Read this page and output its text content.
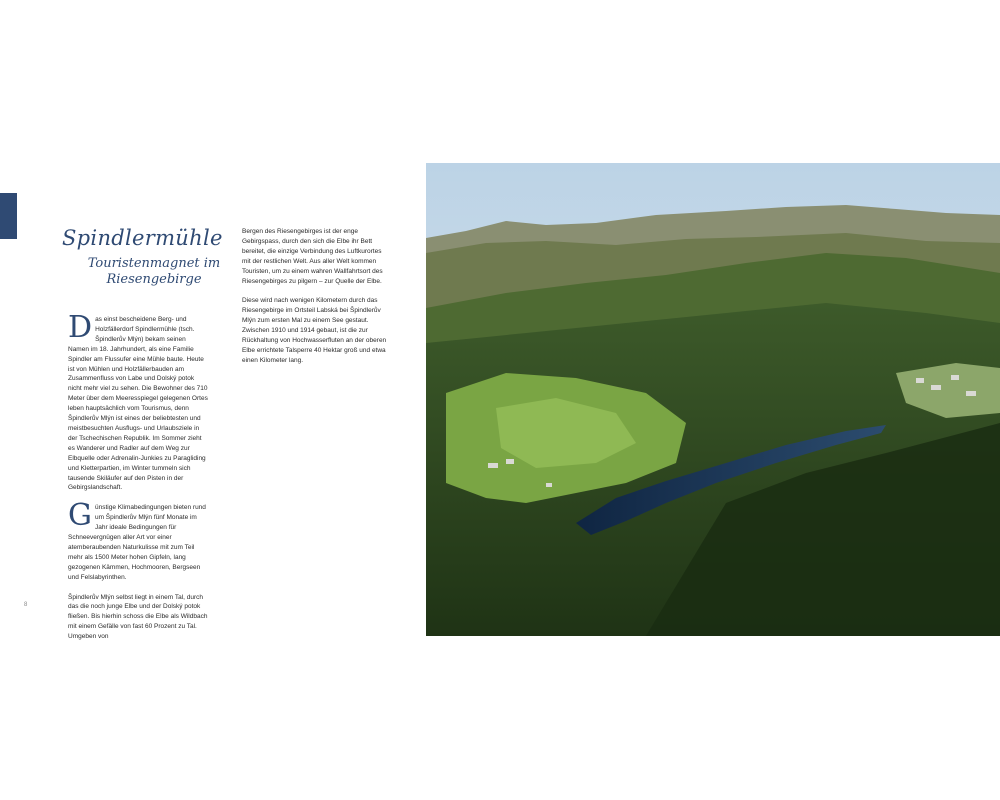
Spindlermühle
Touristenmagnet im Riesengebirge

D as einst bescheidene Berg- und Holzfällerdorf Spindlermühle (tsch. Špindlerův Mlýn) bekam seinen Namen im 18. Jahrhundert, als eine Familie Spindler am Flussufer eine Mühle baute. Heute ist von Mühlen und Holzfällerbauden am Zusammenfluss von Labe und Dolský potok nicht mehr viel zu sehen. Die Bewohner des 710 Meter über dem Meeresspiegel gelegenen Ortes leben hauptsächlich vom Tourismus, denn Špindlerův Mlýn ist eines der beliebtesten und meistbesuchten Ausflugs- und Urlaubsziele in der Tschechischen Republik. Im Sommer zieht es Wanderer und Radler auf dem Weg zur Elbquelle oder Adrenalin-Junkies zu Paragliding und Kletterpartien, im Winter tummeln sich tausende Skiläufer auf den Pisten in der Gebirgslandschaft.

G ünstige Klimabedingungen bieten rund um Špindlerův Mlýn fünf Monate im Jahr ideale Bedingungen für Schneevergnügen aller Art vor einer atemberaubenden Naturkulisse mit zum Teil mehr als 1500 Meter hohen Gipfeln, lang gezogenen Kämmen, Hochmooren, Bergseen und Felslabyrinthen.

Špindlerův Mlýn selbst liegt in einem Tal, durch das die noch junge Elbe und der Dolský potok fließen. Bis hierhin schoss die Elbe als Wildbach mit einem Gefälle von fast 60 Prozent zu Tal. Umgeben von

Bergen des Riesengebirges ist der enge Gebirgspass, durch den sich die Elbe ihr Bett bereitet, die einzige Verbindung des Luftkurortes mit der restlichen Welt. Aus aller Welt kommen Touristen, um zu einem wahren Wallfahrtsort des Riesengebirges zu pilgern – zur Quelle der Elbe.

Diese wird nach wenigen Kilometern durch das Riesengebirge im Ortsteil Labská bei Špindlerův Mlýn zum ersten Mal zu einem See gestaut. Zwischen 1910 und 1914 gebaut, ist die zur Rückhaltung von Hochwasserfluten an der oberen Elbe errichtete Talsperre 40 Hektar groß und etwa einen Kilometer lang.

8
